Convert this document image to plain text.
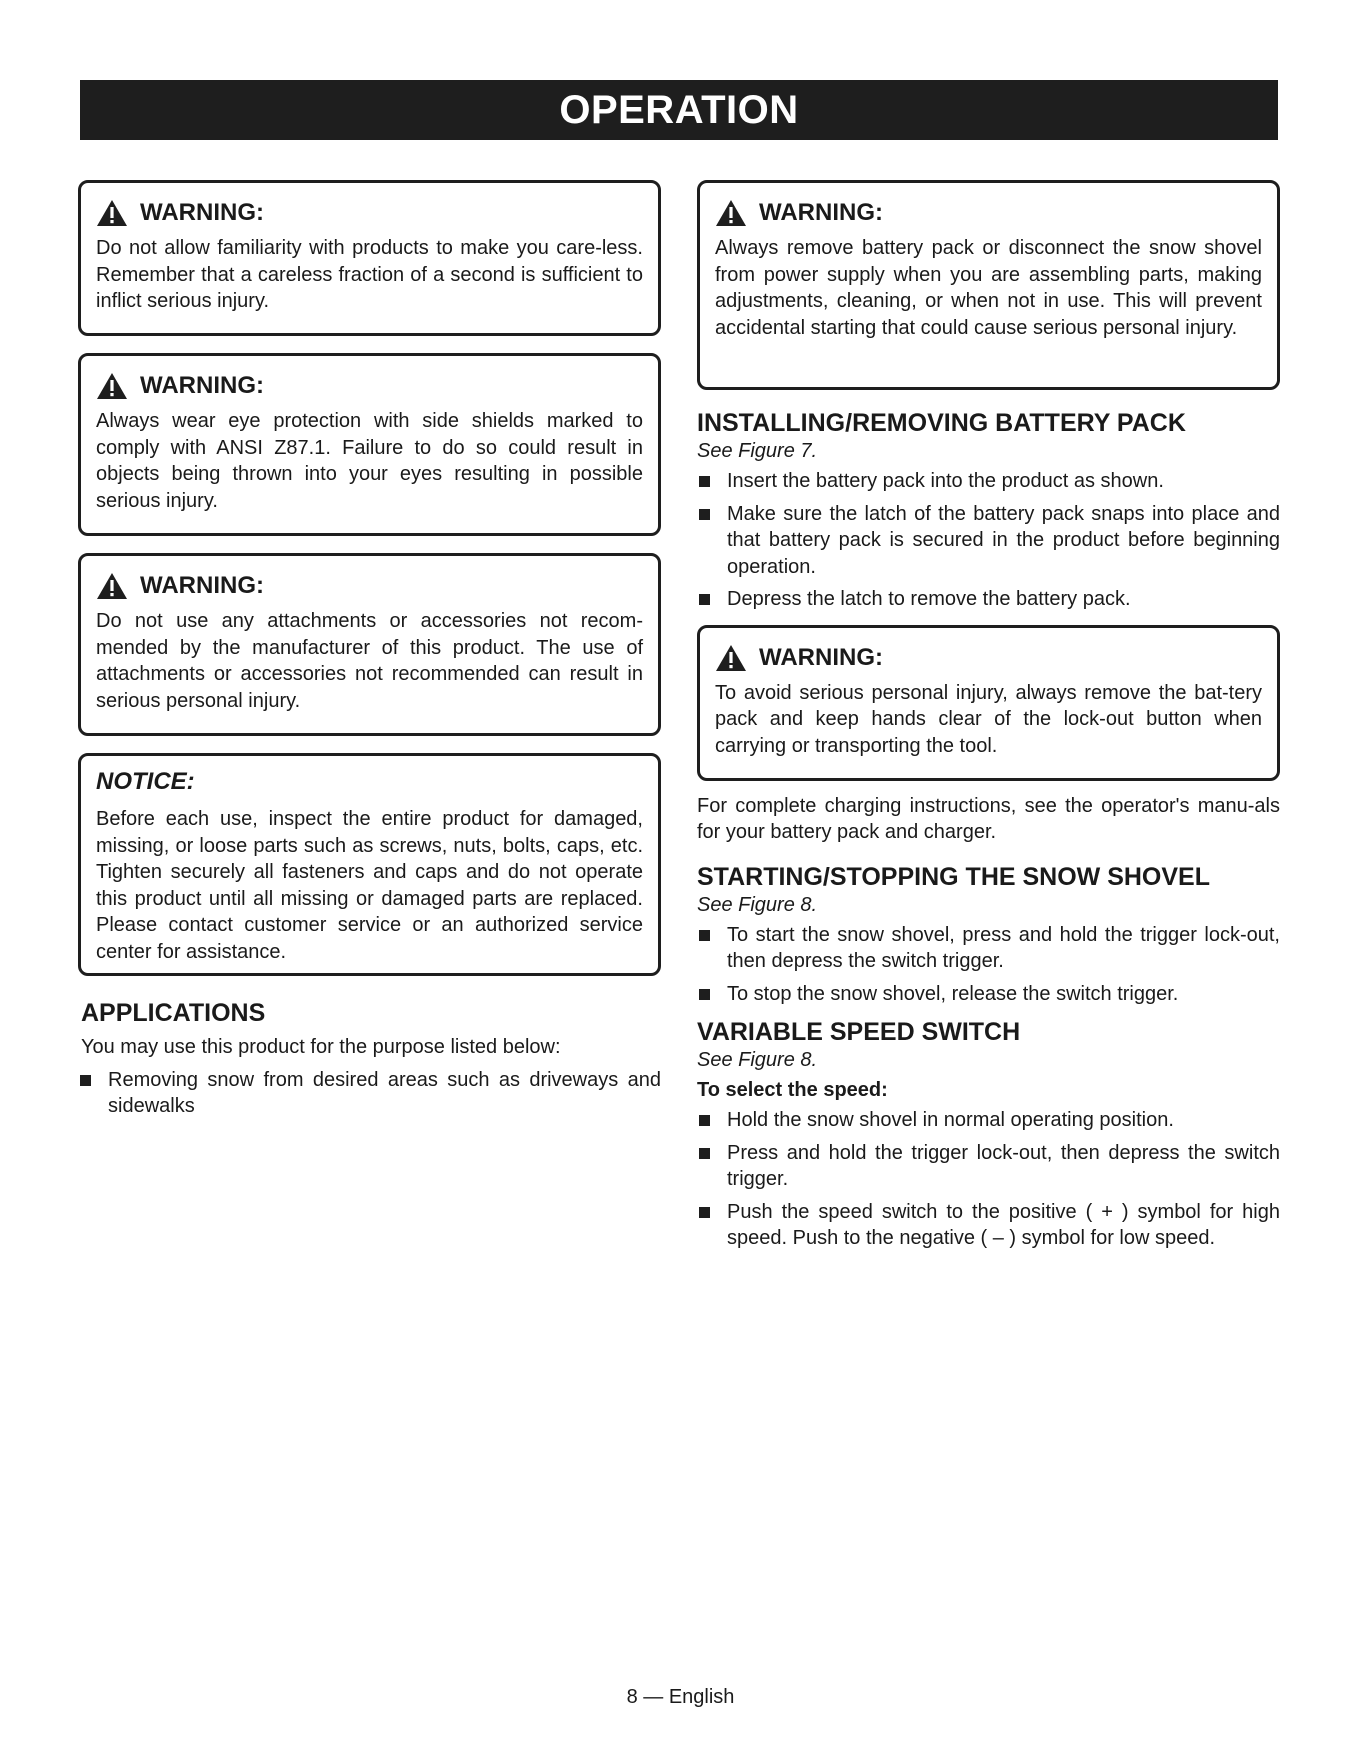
OPERATION
WARNING:
Do not allow familiarity with products to make you care-less. Remember that a careless fraction of a second is sufficient to inflict serious injury.
WARNING:
Always wear eye protection with side shields marked to comply with ANSI Z87.1. Failure to do so could result in objects being thrown into your eyes resulting in possible serious injury.
WARNING:
Do not use any attachments or accessories not recom-mended by the manufacturer of this product. The use of attachments or accessories not recommended can result in serious personal injury.
NOTICE:
Before each use, inspect the entire product for damaged, missing, or loose parts such as screws, nuts, bolts, caps, etc. Tighten securely all fasteners and caps and do not operate this product until all missing or damaged parts are replaced. Please contact customer service or an authorized service center for assistance.
APPLICATIONS
You may use this product for the purpose listed below:
Removing snow from desired areas such as driveways and sidewalks
WARNING:
Always remove battery pack or disconnect the snow shovel from power supply when you are assembling parts, making adjustments, cleaning, or when not in use. This will prevent accidental starting that could cause serious personal injury.
INSTALLING/REMOVING BATTERY PACK
See Figure 7.
Insert the battery pack into the product as shown.
Make sure the latch of the battery pack snaps into place and that battery pack is secured in the product before beginning operation.
Depress the latch to remove the battery pack.
WARNING:
To avoid serious personal injury, always remove the bat-tery pack and keep hands clear of the lock-out button when carrying or transporting the tool.
For complete charging instructions, see the operator's manu-als for your battery pack and charger.
STARTING/STOPPING THE SNOW SHOVEL
See Figure 8.
To start the snow shovel, press and hold the trigger lock-out, then depress the switch trigger.
To stop the snow shovel, release the switch trigger.
VARIABLE SPEED SWITCH
See Figure 8.
To select the speed:
Hold the snow shovel in normal operating position.
Press and hold the trigger lock-out, then depress the switch trigger.
Push the speed switch to the positive ( + ) symbol for high speed. Push to the negative ( – ) symbol for low speed.
8 — English
